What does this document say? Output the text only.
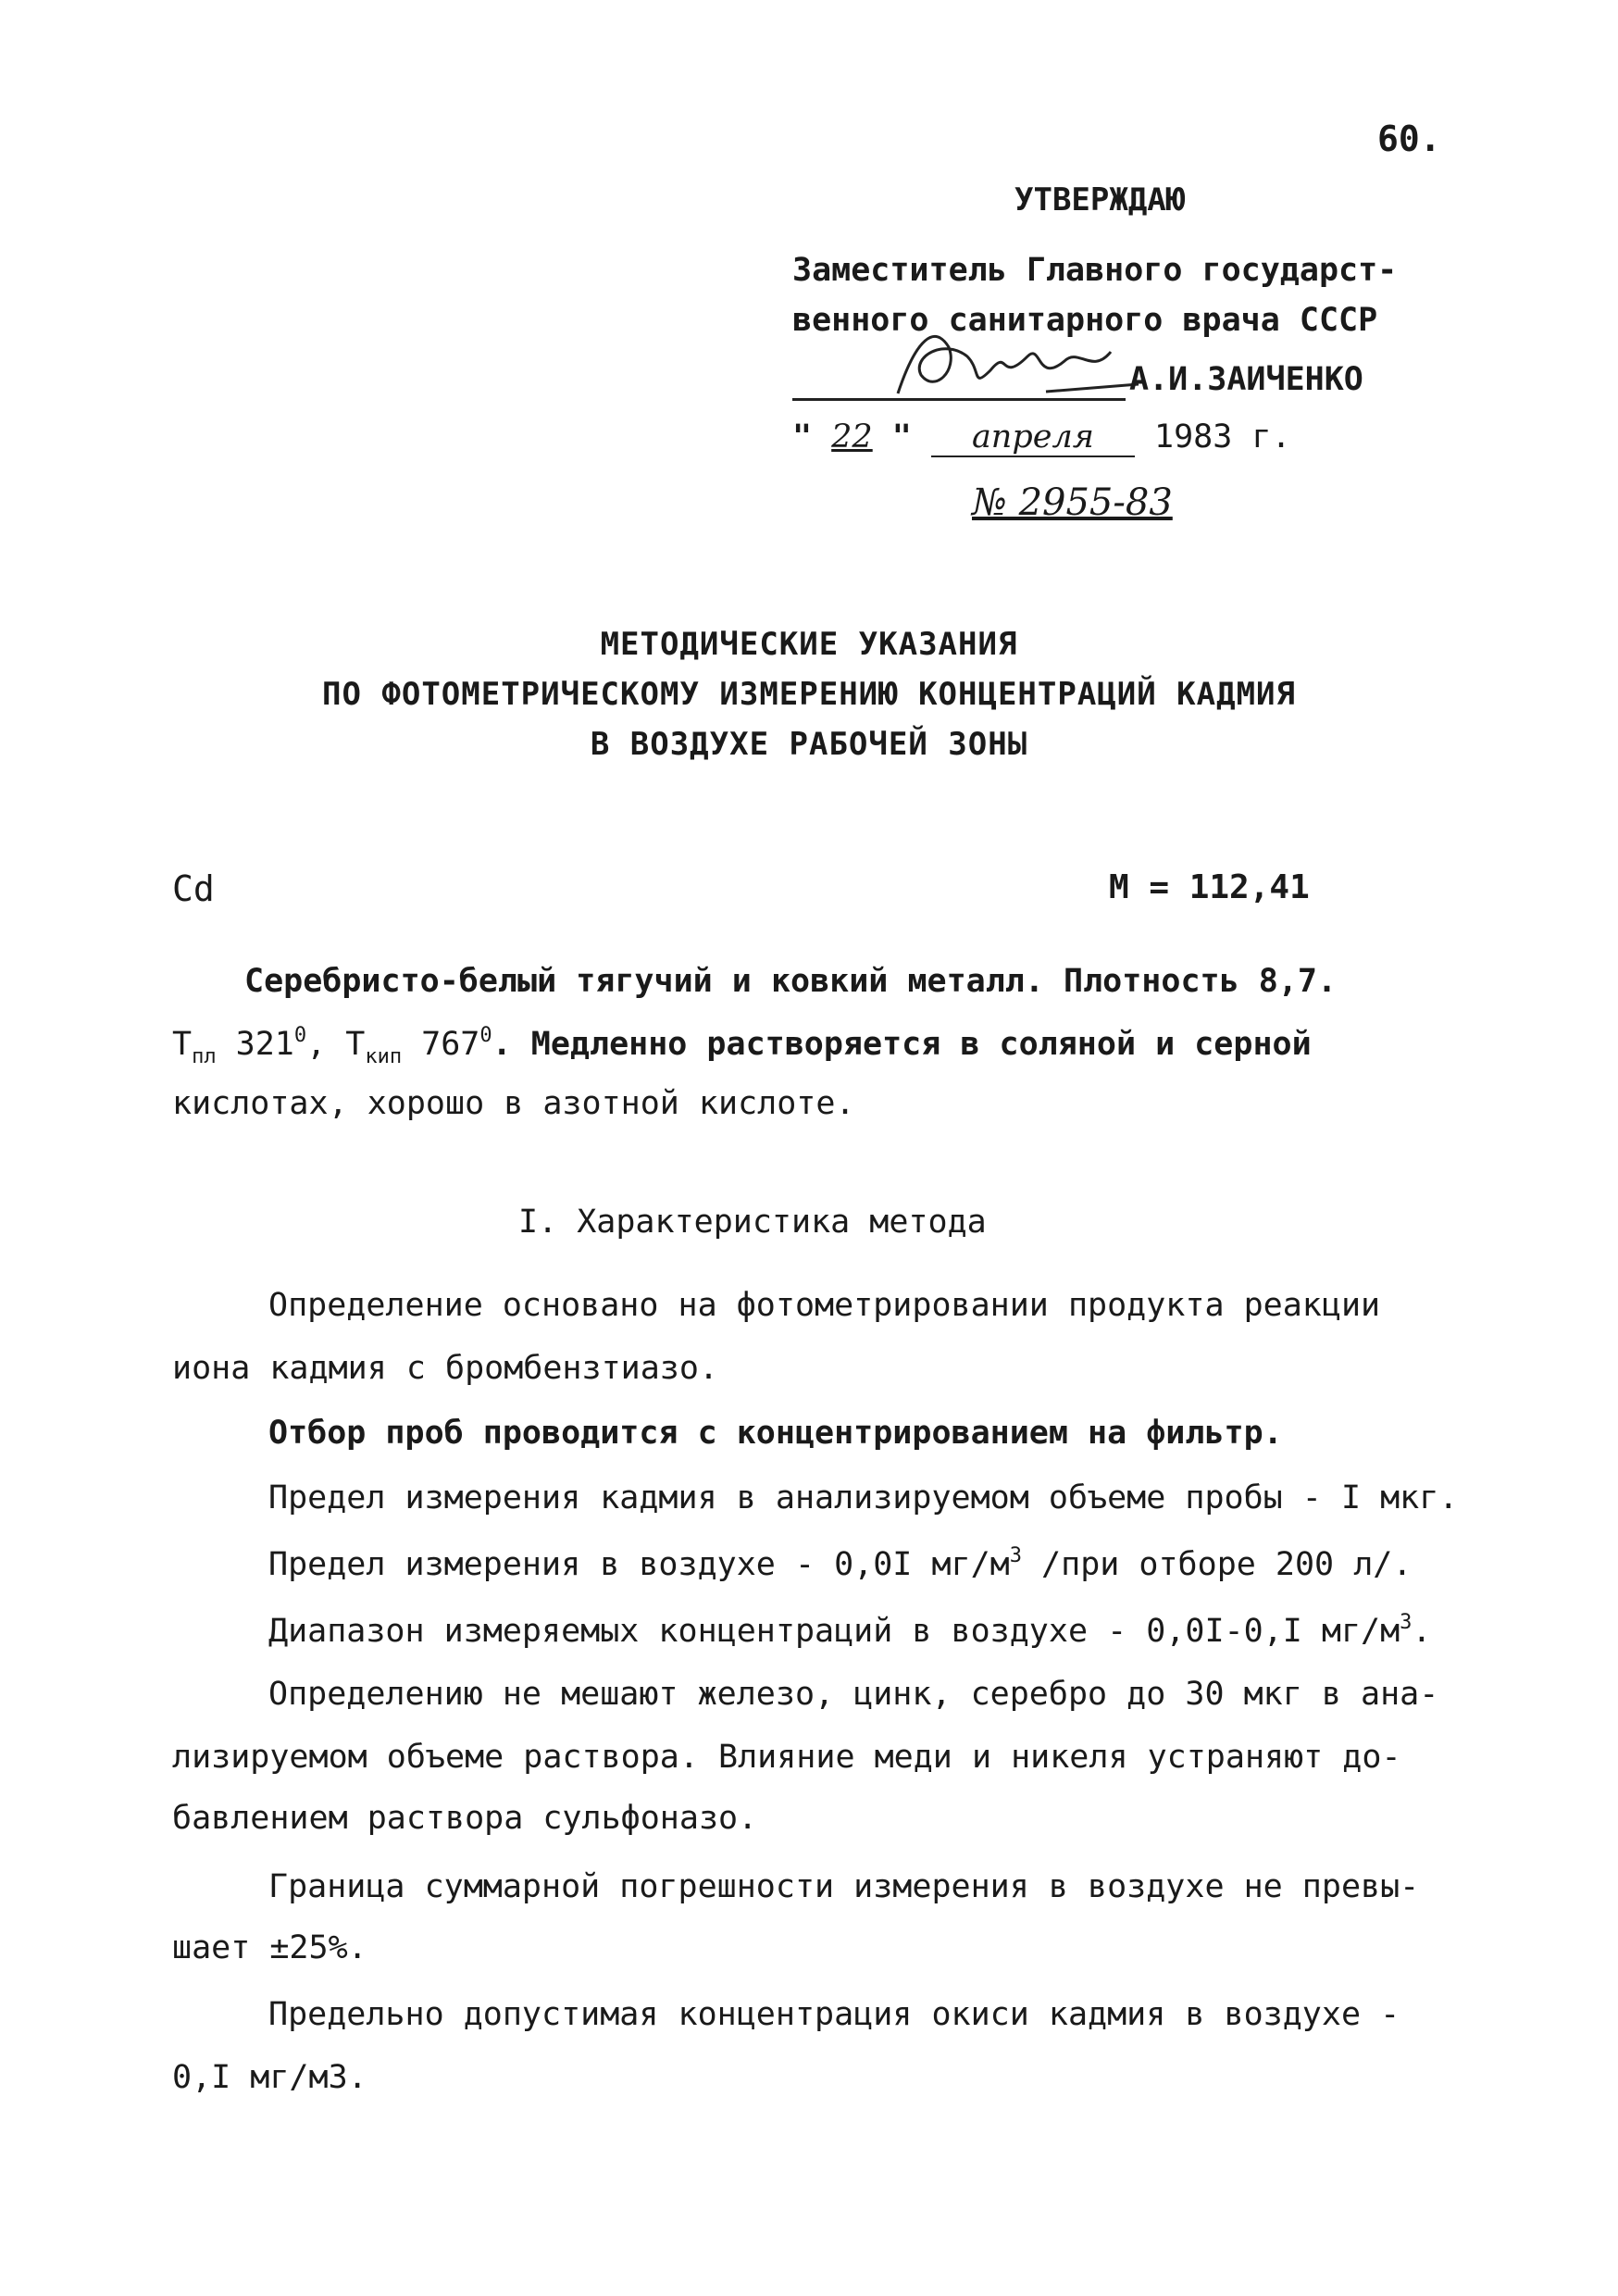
60.
УТВЕРЖДАЮ
Заместитель Главного государст-
венного санитарного врача СССР
А.И.ЗАИЧЕНКО
" 22 " апреля 1983 г.
№ 2955-83
МЕТОДИЧЕСКИЕ УКАЗАНИЯ
ПО ФОТОМЕТРИЧЕСКОМУ ИЗМЕРЕНИЮ КОНЦЕНТРАЦИЙ КАДМИЯ
В ВОЗДУХЕ РАБОЧЕЙ ЗОНЫ
Cd	М = 112,41
Серебристо-белый тягучий и ковкий металл. Плотность 8,7.
$Т_{пл}$ $321^0$, $Т_{кип}$ $767^0$. Медленно растворяется в соляной и серной
кислотах, хорошо в азотной кислоте.
I. Характеристика метода
Определение основано на фотометрировании продукта реакции
иона кадмия с бромбензтиазо.
Отбор проб проводится с концентрированием на фильтр.
Предел измерения кадмия в анализируемом объеме пробы - I мкг.
Предел измерения в воздухе - 0,0I $мг/м^3$ /при отборе 200 л/.
Диапазон измеряемых концентраций в воздухе - 0,0I-0,I $мг/м^3$.
Определению не мешают железо, цинк, серебро до 30 мкг в ана-
лизируемом объеме раствора. Влияние меди и никеля устраняют до-
бавлением раствора сульфоназо.
Граница суммарной погрешности измерения в воздухе не превы-
шает ±25%.
Предельно допустимая концентрация окиси кадмия в воздухе -
0,I мг/м3.
